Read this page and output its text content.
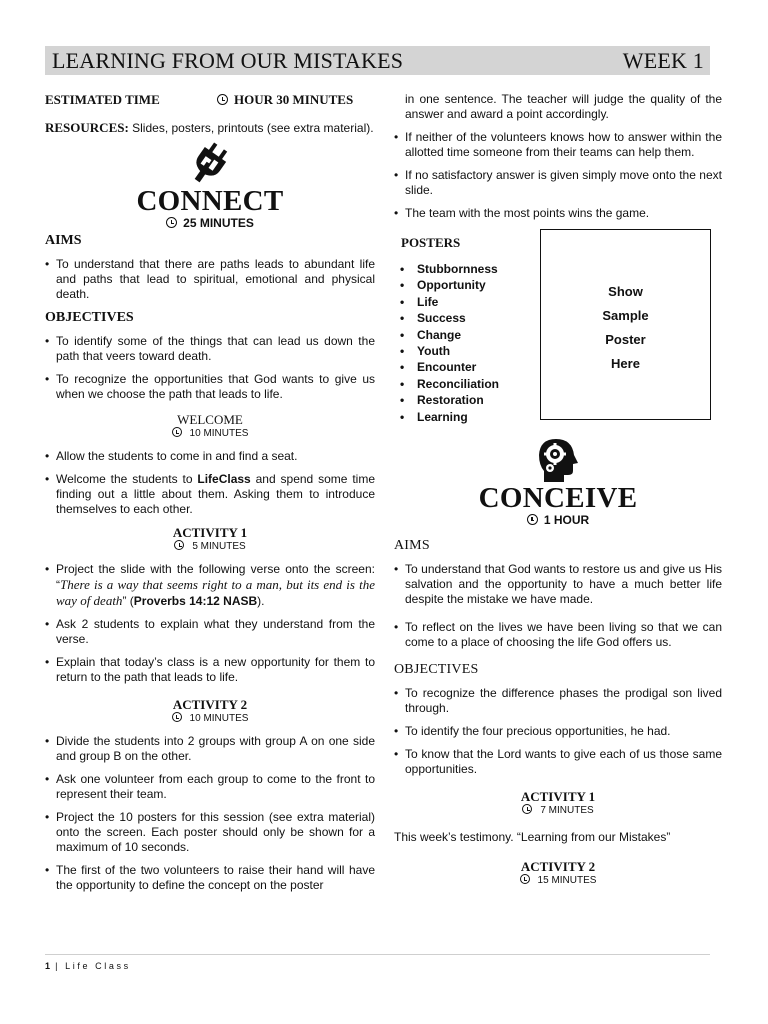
LEARNING FROM OUR MISTAKES	WEEK 1
ESTIMATED TIME	HOUR 30 MINUTES
RESOURCES: Slides, posters, printouts (see extra material).
CONNECT
25 MINUTES
AIMS
• To understand that there are paths leads to abundant life and paths that lead to spiritual, emotional and physical death.
OBJECTIVES
• To identify some of the things that can lead us down the path that veers toward death.
• To recognize the opportunities that God wants to give us when we choose the path that leads to life.
WELCOME
10 MINUTES
• Allow the students to come in and find a seat.
• Welcome the students to LifeClass and spend some time finding out a little about them. Asking them to introduce themselves to each other.
ACTIVITY 1
5 MINUTES
• Project the slide with the following verse onto the screen: “There is a way that seems right to a man, but its end is the way of death” (Proverbs 14:12 NASB).
• Ask 2 students to explain what they understand from the verse.
• Explain that today’s class is a new opportunity for them to return to the path that leads to life.
ACTIVITY 2
10 MINUTES
• Divide the students into 2 groups with group A on one side and group B on the other.
• Ask one volunteer from each group to come to the front to represent their team.
• Project the 10 posters for this session (see extra material) onto the screen. Each poster should only be shown for a maximum of 10 seconds.
• The first of the two volunteers to raise their hand will have the opportunity to define the concept on the poster
in one sentence. The teacher will judge the quality of the answer and award a point accordingly.
• If neither of the volunteers knows how to answer within the allotted time someone from their teams can help them.
• If no satisfactory answer is given simply move onto the next slide.
• The team with the most points wins the game.
POSTERS
• Stubbornness
• Opportunity
• Life
• Success
• Change
• Youth
• Encounter
• Reconciliation
• Restoration
• Learning
Show
Sample
Poster
Here
CONCEIVE
1 HOUR
AIMS
• To understand that God wants to restore us and give us His salvation and the opportunity to have a much better life despite the mistake we have made.
• To reflect on the lives we have been living so that we can come to a place of choosing the life God offers us.
OBJECTIVES
• To recognize the difference phases the prodigal son lived through.
• To identify the four precious opportunities, he had.
• To know that the Lord wants to give each of us those same opportunities.
ACTIVITY 1
7 MINUTES
This week’s testimony. “Learning from our Mistakes”
ACTIVITY 2
15 MINUTES
1 | Life Class
